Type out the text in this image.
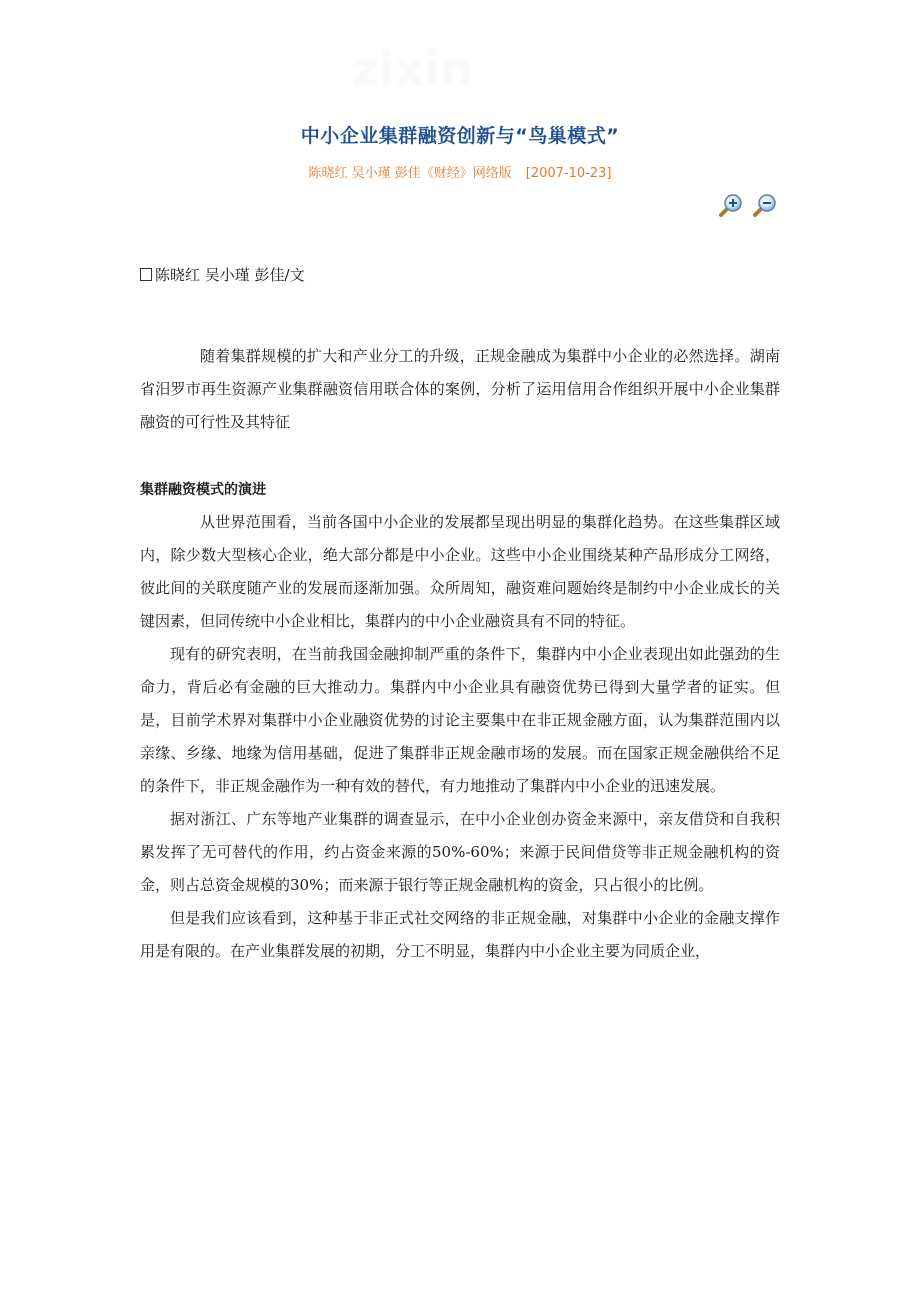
zixin
中小企业集群融资创新与“鸟巢模式”
陈晓红 吴小瑾 彭佳《财经》网络版 [2007-10-23]
陈晓红 吴小瑾 彭佳/文

随着集群规模的扩大和产业分工的升级，正规金融成为集群中小企业的必然选择。湖南省汨罗市再生资源产业集群融资信用联合体的案例，分析了运用信用合作组织开展中小企业集群融资的可行性及其特征

集群融资模式的演进

从世界范围看，当前各国中小企业的发展都呈现出明显的集群化趋势。在这些集群区域内，除少数大型核心企业，绝大部分都是中小企业。这些中小企业围绕某种产品形成分工网络，彼此间的关联度随产业的发展而逐渐加强。众所周知，融资难问题始终是制约中小企业成长的关键因素，但同传统中小企业相比，集群内的中小企业融资具有不同的特征。

现有的研究表明，在当前我国金融抑制严重的条件下，集群内中小企业表现出如此强劲的生命力，背后必有金融的巨大推动力。集群内中小企业具有融资优势已得到大量学者的证实。但是，目前学术界对集群中小企业融资优势的讨论主要集中在非正规金融方面，认为集群范围内以亲缘、乡缘、地缘为信用基础，促进了集群非正规金融市场的发展。而在国家正规金融供给不足的条件下，非正规金融作为一种有效的替代，有力地推动了集群内中小企业的迅速发展。

据对浙江、广东等地产业集群的调查显示，在中小企业创办资金来源中，亲友借贷和自我积累发挥了无可替代的作用，约占资金来源的50%-60%；来源于民间借贷等非正规金融机构的资金，则占总资金规模的30%；而来源于银行等正规金融机构的资金，只占很小的比例。

但是我们应该看到，这种基于非正式社交网络的非正规金融，对集群中小企业的金融支撑作用是有限的。在产业集群发展的初期，分工不明显，集群内中小企业主要为同质企业，
